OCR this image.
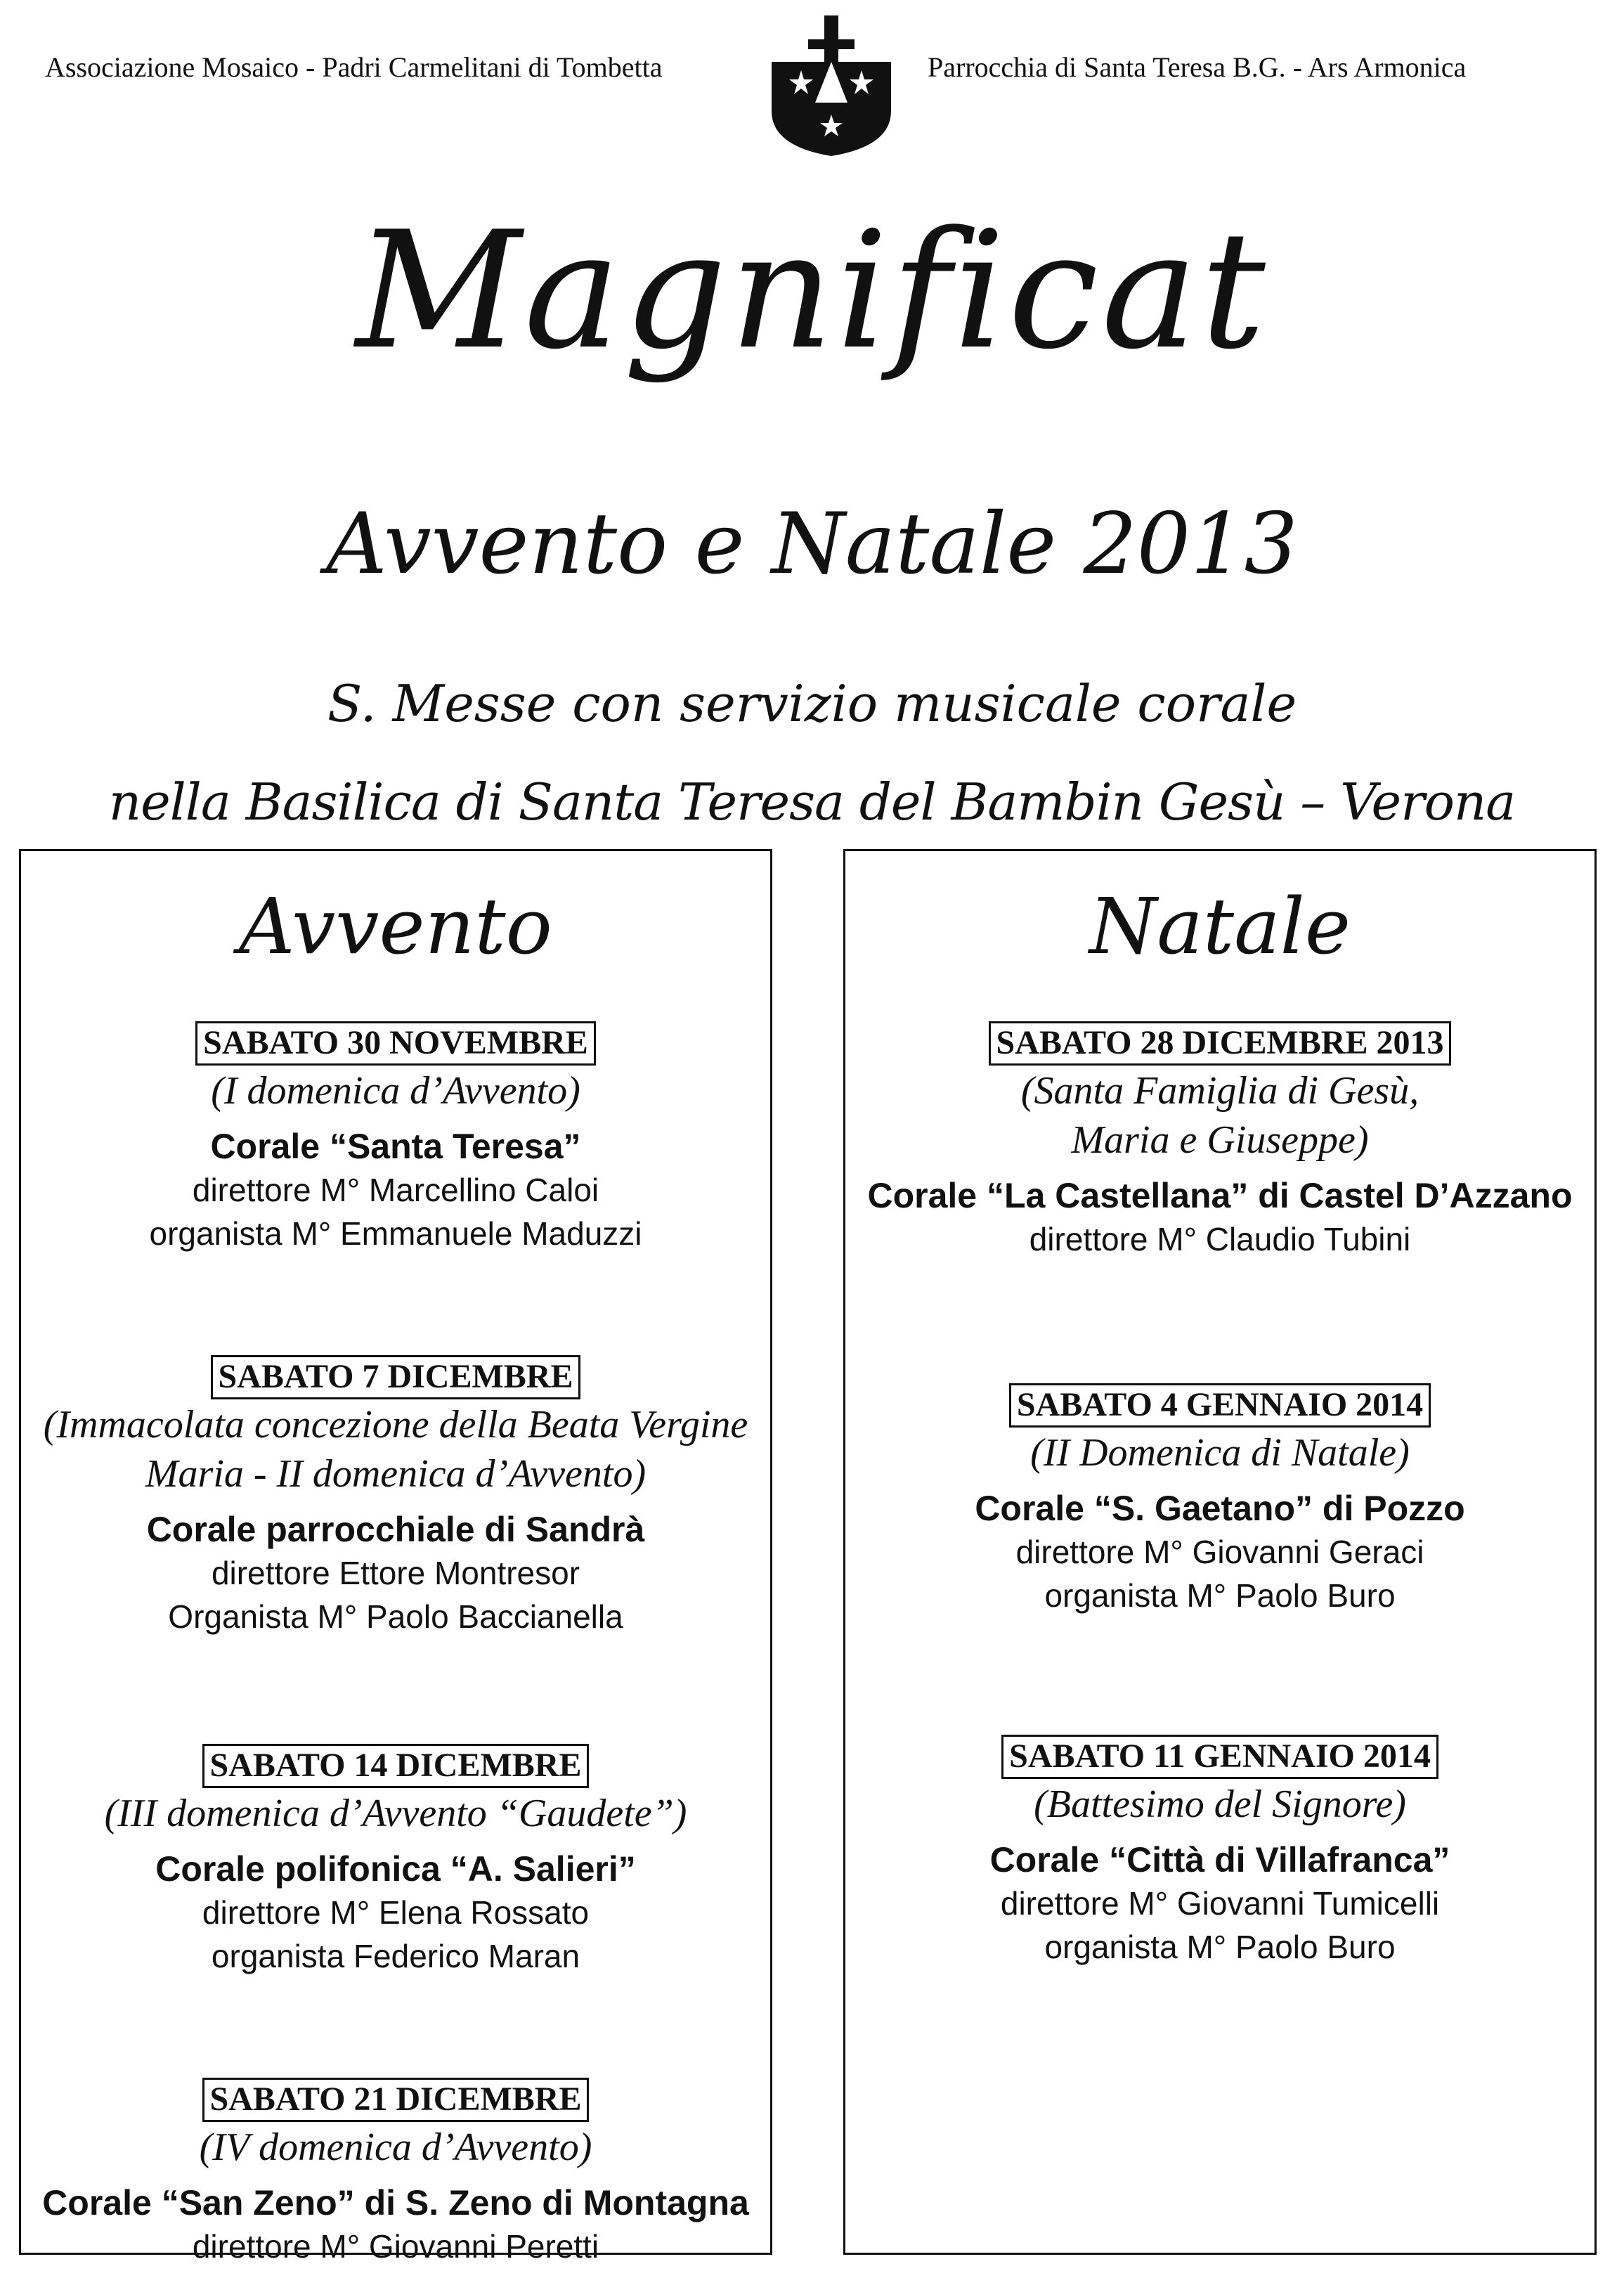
Associazione Mosaico - Padri Carmelitani di Tombetta	Parrocchia di Santa Teresa B.G. - Ars Armonica
Magnificat
Avvento e Natale 2013
S. Messe con servizio musicale corale
nella Basilica di Santa Teresa del Bambin Gesù – Verona
Avvento
SABATO 30 NOVEMBRE
(I domenica d’Avvento)
Corale “Santa Teresa”
direttore M° Marcellino Caloi
organista M° Emmanuele Maduzzi
SABATO 7 DICEMBRE
(Immacolata concezione della Beata Vergine
Maria - II domenica d’Avvento)
Corale parrocchiale di Sandrà
direttore Ettore Montresor
Organista M° Paolo Baccianella
SABATO 14 DICEMBRE
(III domenica d’Avvento “Gaudete”)
Corale polifonica “A. Salieri”
direttore M° Elena Rossato
organista Federico Maran
SABATO 21 DICEMBRE
(IV domenica d’Avvento)
Corale “San Zeno” di S. Zeno di Montagna
direttore M° Giovanni Peretti
Natale
SABATO 28 DICEMBRE 2013
(Santa Famiglia di Gesù,
Maria e Giuseppe)
Corale “La Castellana” di Castel D’Azzano
direttore M° Claudio Tubini
SABATO 4 GENNAIO 2014
(II Domenica di Natale)
Corale “S. Gaetano” di Pozzo
direttore M° Giovanni Geraci
organista M° Paolo Buro
SABATO 11 GENNAIO 2014
(Battesimo del Signore)
Corale “Città di Villafranca”
direttore M° Giovanni Tumicelli
organista M° Paolo Buro
